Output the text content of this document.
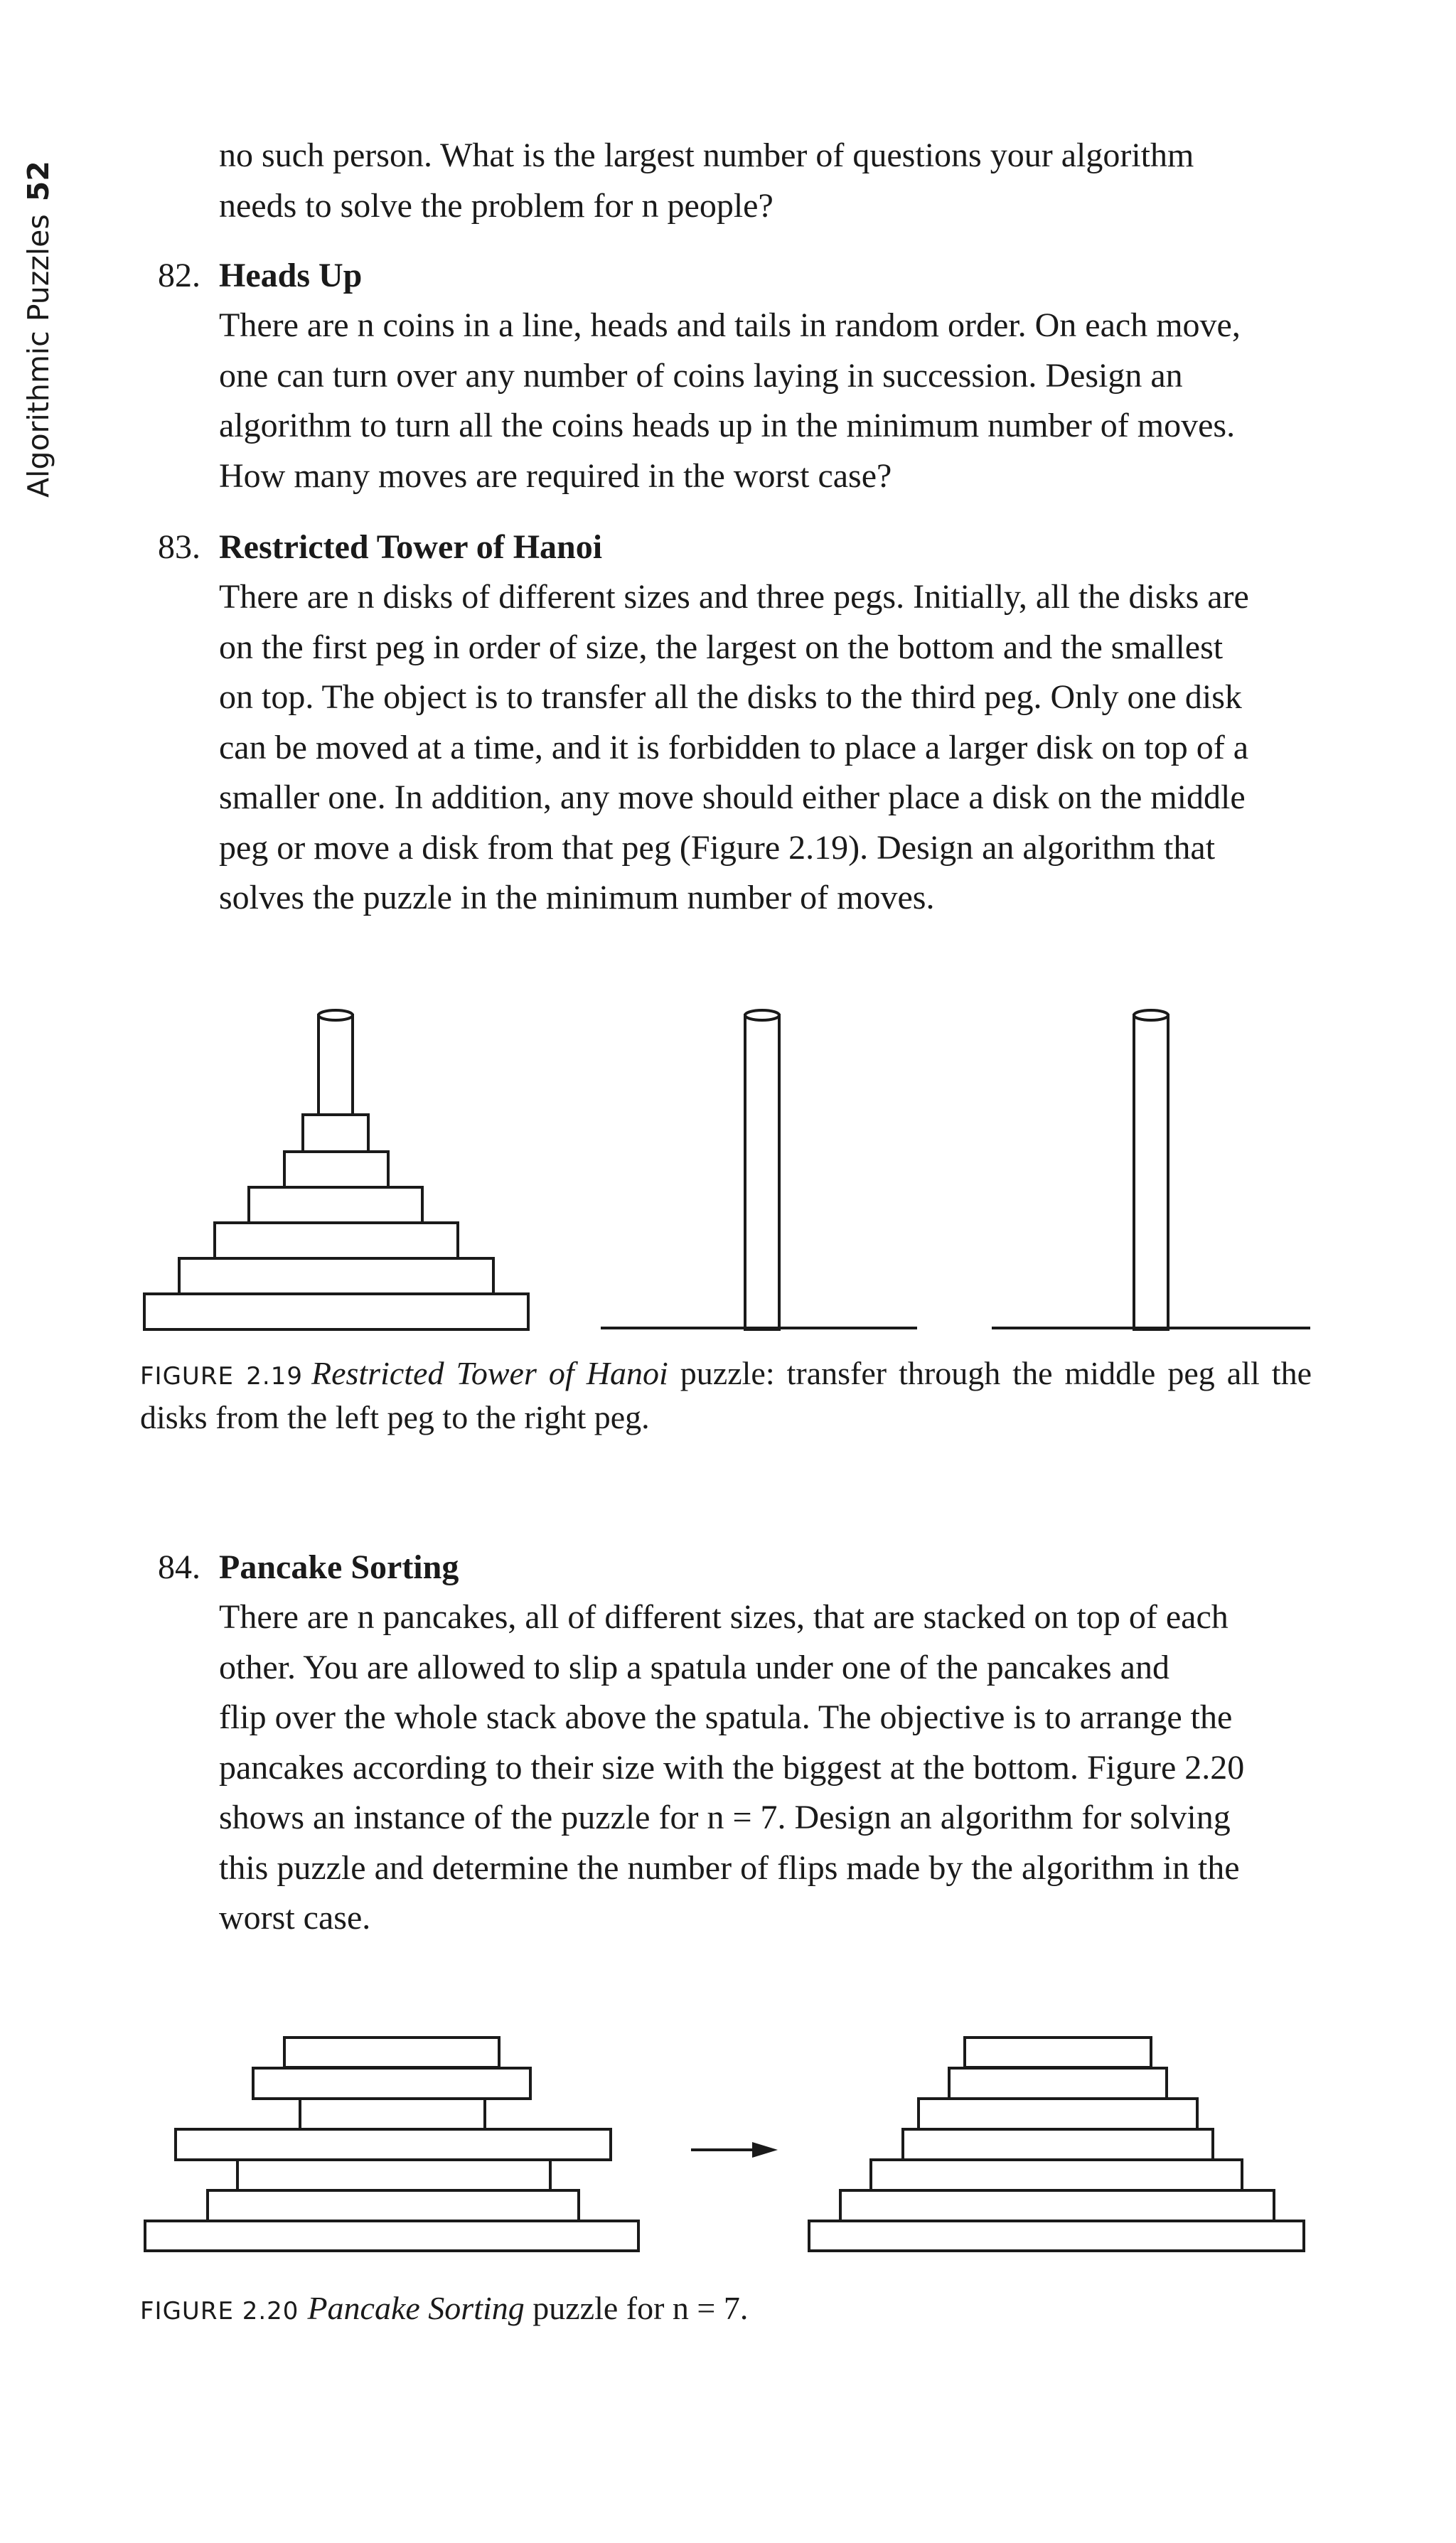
Algorithmic Puzzles52
no such person. What is the largest number of questions your algorithm
needs to solve the problem for n people?
82. Heads Up
There are n coins in a line, heads and tails in random order. On each move,
one can turn over any number of coins laying in succession. Design an
algorithm to turn all the coins heads up in the minimum number of moves.
How many moves are required in the worst case?
83. Restricted Tower of Hanoi
There are n disks of different sizes and three pegs. Initially, all the disks are
on the first peg in order of size, the largest on the bottom and the smallest
on top. The object is to transfer all the disks to the third peg. Only one disk
can be moved at a time, and it is forbidden to place a larger disk on top of a
smaller one. In addition, any move should either place a disk on the middle
peg or move a disk from that peg (Figure 2.19). Design an algorithm that
solves the puzzle in the minimum number of moves.
FIGURE 2.19 Restricted Tower of Hanoi puzzle: transfer through the middle peg all the disks from the left peg to the right peg.
84. Pancake Sorting
There are n pancakes, all of different sizes, that are stacked on top of each
other. You are allowed to slip a spatula under one of the pancakes and
flip over the whole stack above the spatula. The objective is to arrange the
pancakes according to their size with the biggest at the bottom. Figure 2.20
shows an instance of the puzzle for n = 7. Design an algorithm for solving
this puzzle and determine the number of flips made by the algorithm in the
worst case.
FIGURE 2.20 Pancake Sorting puzzle for n = 7.
